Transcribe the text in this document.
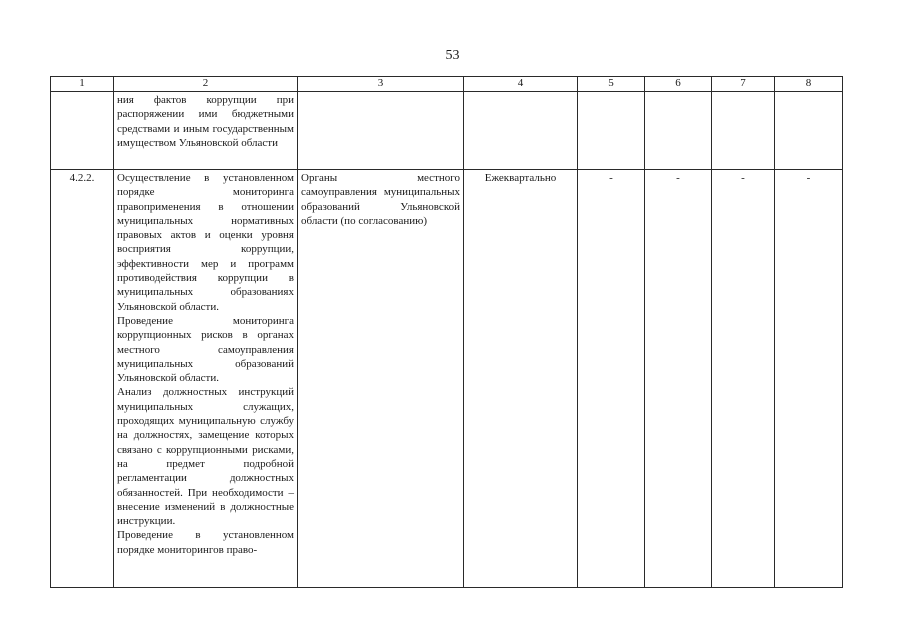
53
1	2	3	4	5	6	7	8
	ния фактов коррупции при распоряжении ими бюджетными средствами и иным государственным имуществом Ульяновской области						
4.2.2.	Осуществление в установленном порядке мониторинга правоприменения в отношении муниципальных нормативных правовых актов и оценки уровня восприятия коррупции, эффективности мер и программ противодействия коррупции в муниципальных образованиях Ульяновской области.
Проведение мониторинга коррупционных рисков в органах местного самоуправления муниципальных образований Ульяновской области.
Анализ должностных инструкций муниципальных служащих, проходящих муниципальную службу на должностях, замещение которых связано с коррупционными рисками, на предмет подробной регламентации должностных обязанностей. При необходимости – внесение изменений в должностные инструкции.
Проведение в установленном порядке мониторингов право-	Органы местного самоуправления муниципальных образований Ульяновской области (по согласованию)	Ежеквартально	-	-	-	-
